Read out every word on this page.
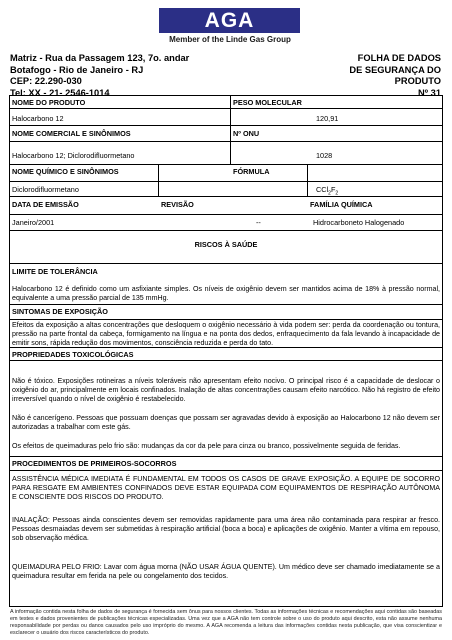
AGA
Member of the Linde Gas Group
Matriz - Rua da Passagem 123, 7o. andar
Botafogo - Rio de Janeiro - RJ
CEP: 22.290-030
Tel: XX - 21- 2546-1014
FOLHA DE DADOS
DE SEGURANÇA DO
PRODUTO
Nº 31
NOME DO PRODUTO	PESO MOLECULAR
Halocarbono 12	120,91
NOME COMERCIAL E SINÔNIMOS	Nº ONU
Halocarbono 12; Diclorodifluormetano	1028
NOME QUÍMICO E SINÔNIMOS	FÓRMULA
Diclorodifluormetano	$CCl_2F_2$
DATA DE EMISSÃO	REVISÃO	FAMÍLIA QUÍMICA
Janeiro/2001	--	Hidrocarboneto Halogenado
RISCOS À SAÚDE
LIMITE DE TOLERÂNCIA
Halocarbono 12 é definido como um asfixiante simples. Os níveis de oxigênio devem ser mantidos acima de 18% à pressão normal, equivalente a uma pressão parcial de 135 mmHg.
SINTOMAS DE EXPOSIÇÃO
Efeitos da exposição a altas concentrações que desloquem o oxigênio necessário à vida podem ser: perda da coordenação ou tontura, pressão na parte frontal da cabeça, formigamento na língua e na ponta dos dedos, enfraquecimento da fala levando à incapacidade de emitir sons, rápida redução dos movimentos, consciência reduzida e perda do tato.
PROPRIEDADES TOXICOLÓGICAS
Não é tóxico. Exposições rotineiras a níveis toleráveis não apresentam efeito nocivo. O principal risco é a capacidade de deslocar o oxigênio do ar, principalmente em locais confinados. Inalação de altas concentrações causam efeito narcótico. Não há registro de efeito irreversível quando o nível de oxigênio é restabelecido.
Não é cancerígeno. Pessoas que possuam doenças que possam ser agravadas devido à exposição ao Halocarbono 12 não devem ser autorizadas a trabalhar com este gás.
Os efeitos de queimaduras pelo frio são: mudanças da cor da pele para cinza ou branco, possivelmente seguida de feridas.
PROCEDIMENTOS DE PRIMEIROS-SOCORROS
ASSISTÊNCIA MÉDICA IMEDIATA É FUNDAMENTAL EM TODOS OS CASOS DE GRAVE EXPOSIÇÃO. A EQUIPE DE SOCORRO PARA RESGATE EM AMBIENTES CONFINADOS DEVE ESTAR EQUIPADA COM EQUIPAMENTOS DE RESPIRAÇÃO AUTÔNOMA E CONSCIENTE DOS RISCOS DO PRODUTO.
INALAÇÃO: Pessoas ainda conscientes devem ser removidas rapidamente para uma área não contaminada para respirar ar fresco. Pessoas desmaiadas devem ser submetidas à respiração artificial (boca a boca) e aplicações de oxigênio. Manter a vítima em repouso, sob observação médica.
QUEIMADURA PELO FRIO: Lavar com água morna (NÃO USAR ÁGUA QUENTE). Um médico deve ser chamado imediatamente se a queimadura resultar em ferida na pele ou congelamento dos tecidos.
A informação contida nesta folha de dados de segurança é fornecida sem ônus para nossos clientes. Todas as informações técnicas e recomendações aqui contidas são baseadas em testes e dados provenientes de publicações técnicas especializadas. Uma vez que a AGA não tem controle sobre o uso do produto aqui descrito, esta não assume nenhuma responsabilidade por perdas ou danos causados pelo uso impróprio do mesmo. A AGA recomenda a leitura das informações contidas nesta publicação, que visa conscientizar e esclarecer o usuário dos riscos característicos do produto.
